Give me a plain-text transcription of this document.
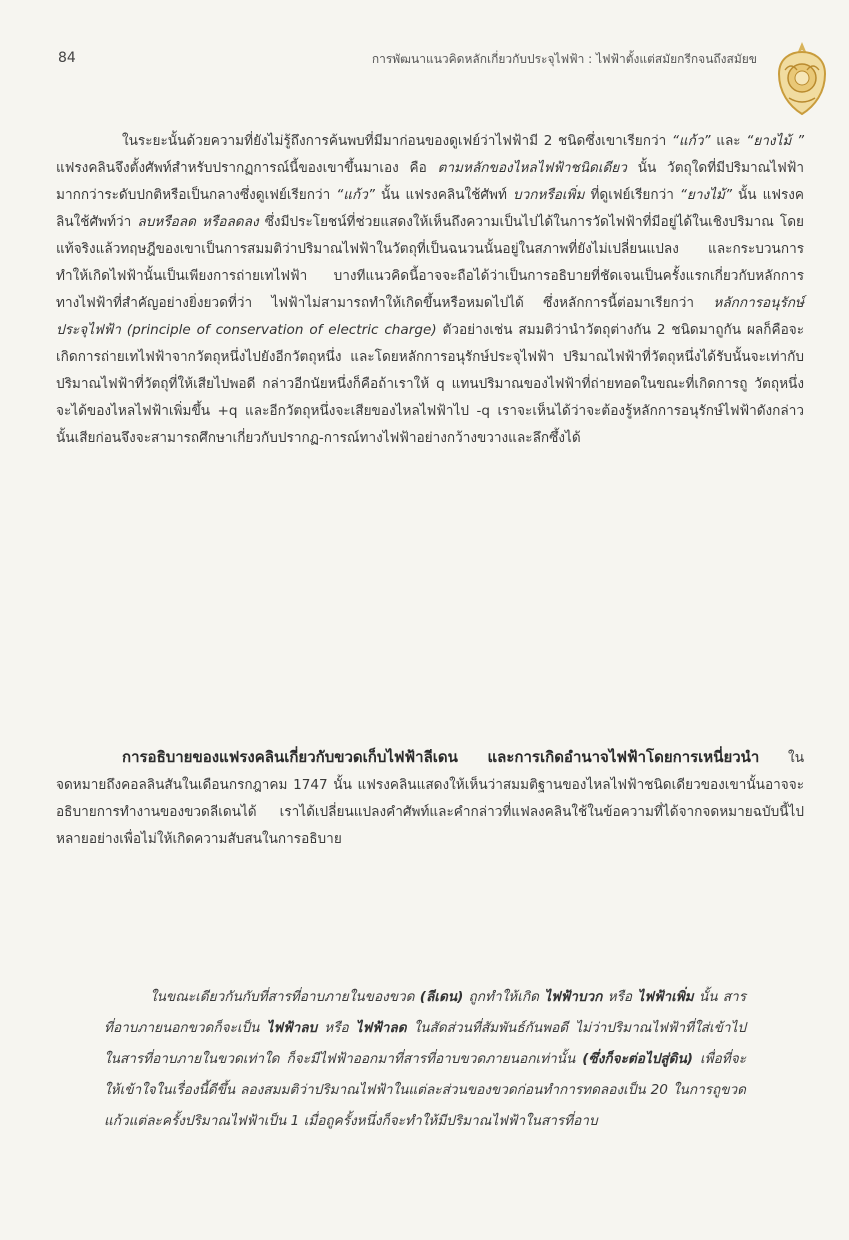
84	การพัฒนาแนวคิดหลักเกี่ยวกับประจุไฟฟ้า : ไฟฟ้าตั้งแต่สมัยกรีกจนถึงสมัยข

ในระยะนั้นด้วยความที่ยังไม่รู้ถึงการค้นพบที่มีมาก่อนของดูเฟย์ว่าไฟฟ้ามี 2 ชนิดซึ่งเขาเรียกว่า “แก้ว” และ “ยางไม้ ” แฟรงคลินจึงตั้งศัพท์สำหรับปรากฏการณ์นี้ของเขาขึ้นมาเอง คือ ตามหลักของไหลไฟฟ้าชนิดเดียว นั้น วัตถุใดที่มีปริมาณไฟฟ้ามากกว่าระดับปกติหรือเป็นกลางซึ่งดูเฟย์เรียกว่า “แก้ว” นั้น แฟรงคลินใช้ศัพท์ บวกหรือเพิ่ม ที่ดูเฟย์เรียกว่า “ยางไม้” นั้น แฟรงคลินใช้ศัพท์ว่า ลบหรือลด หรือลดลง ซึ่งมีประโยชน์ที่ช่วยแสดงให้เห็นถึงความเป็นไปได้ในการวัดไฟฟ้าที่มีอยู่ได้ในเชิงปริมาณ โดยแท้จริงแล้วทฤษฎีของเขาเป็นการสมมติว่าปริมาณไฟฟ้าในวัตถุที่เป็นฉนวนนั้นอยู่ในสภาพที่ยังไม่เปลี่ยนแปลง และกระบวนการทำให้เกิดไฟฟ้านั้นเป็นเพียงการถ่ายเทไฟฟ้า บางทีแนวคิดนี้อาจจะถือได้ว่าเป็นการอธิบายที่ชัดเจนเป็นครั้งแรกเกี่ยวกับหลักการทางไฟฟ้าที่สำคัญอย่างยิ่งยวดที่ว่า ไฟฟ้าไม่สามารถทำให้เกิดขึ้นหรือหมดไปได้ ซึ่งหลักการนี้ต่อมาเรียกว่า หลักการอนุรักษ์ประจุไฟฟ้า (principle of conservation of electric charge) ตัวอย่างเช่น สมมติว่านำวัตถุต่างกัน 2 ชนิดมาถูกัน ผลก็คือจะเกิดการถ่ายเทไฟฟ้าจากวัตถุหนึ่งไปยังอีกวัตถุหนึ่ง และโดยหลักการอนุรักษ์ประจุไฟฟ้า ปริมาณไฟฟ้าที่วัตถุหนึ่งได้รับนั้นจะเท่ากับปริมาณไฟฟ้าที่วัตถุที่ให้เสียไปพอดี กล่าวอีกนัยหนึ่งก็คือถ้าเราให้ q แทนปริมาณของไฟฟ้าที่ถ่ายทอดในขณะที่เกิดการถู วัตถุหนึ่งจะได้ของไหลไฟฟ้าเพิ่มขึ้น +q และอีกวัตถุหนึ่งจะเสียของไหลไฟฟ้าไป -q เราจะเห็นได้ว่าจะต้องรู้หลักการอนุรักษ์ไฟฟ้าดังกล่าวนั้นเสียก่อนจึงจะสามารถศึกษาเกี่ยวกับปรากฏ-การณ์ทางไฟฟ้าอย่างกว้างขวางและลึกซึ้งได้

การอธิบายของแฟรงคลินเกี่ยวกับขวดเก็บไฟฟ้าลีเดน และการเกิดอำนาจไฟฟ้าโดยการเหนี่ยวนำ ในจดหมายถึงคอลลินสันในเดือนกรกฎาคม 1747 นั้น แฟรงคลินแสดงให้เห็นว่าสมมติฐานของไหลไฟฟ้าชนิดเดียวของเขานั้นอาจจะอธิบายการทำงานของขวดลีเดนได้ เราได้เปลี่ยนแปลงคำศัพท์และคำกล่าวที่แฟลงคลินใช้ในข้อความที่ได้จากจดหมายฉบับนี้ไปหลายอย่างเพื่อไม่ให้เกิดความสับสนในการอธิบาย

ในขณะเดียวกันกับที่สารที่อาบภายในของขวด (ลีเดน) ถูกทำให้เกิด ไฟฟ้าบวก หรือ ไฟฟ้าเพิ่ม นั้น สารที่อาบภายนอกขวดก็จะเป็น ไฟฟ้าลบ หรือ ไฟฟ้าลด ในสัดส่วนที่สัมพันธ์กันพอดี ไม่ว่าปริมาณไฟฟ้าที่ใส่เข้าไปในสารที่อาบภายในขวดเท่าใด ก็จะมีไฟฟ้าออกมาที่สารที่อาบขวดภายนอกเท่านั้น (ซึ่งก็จะต่อไปสู่ดิน) เพื่อที่จะให้เข้าใจในเรื่องนี้ดีขึ้น ลองสมมติว่าปริมาณไฟฟ้าในแต่ละส่วนของขวดก่อนทำการทดลองเป็น 20 ในการถูขวดแก้วแต่ละครั้งปริมาณไฟฟ้าเป็น 1 เมื่อถูครั้งหนึ่งก็จะทำให้มีปริมาณไฟฟ้าในสารที่อาบ
